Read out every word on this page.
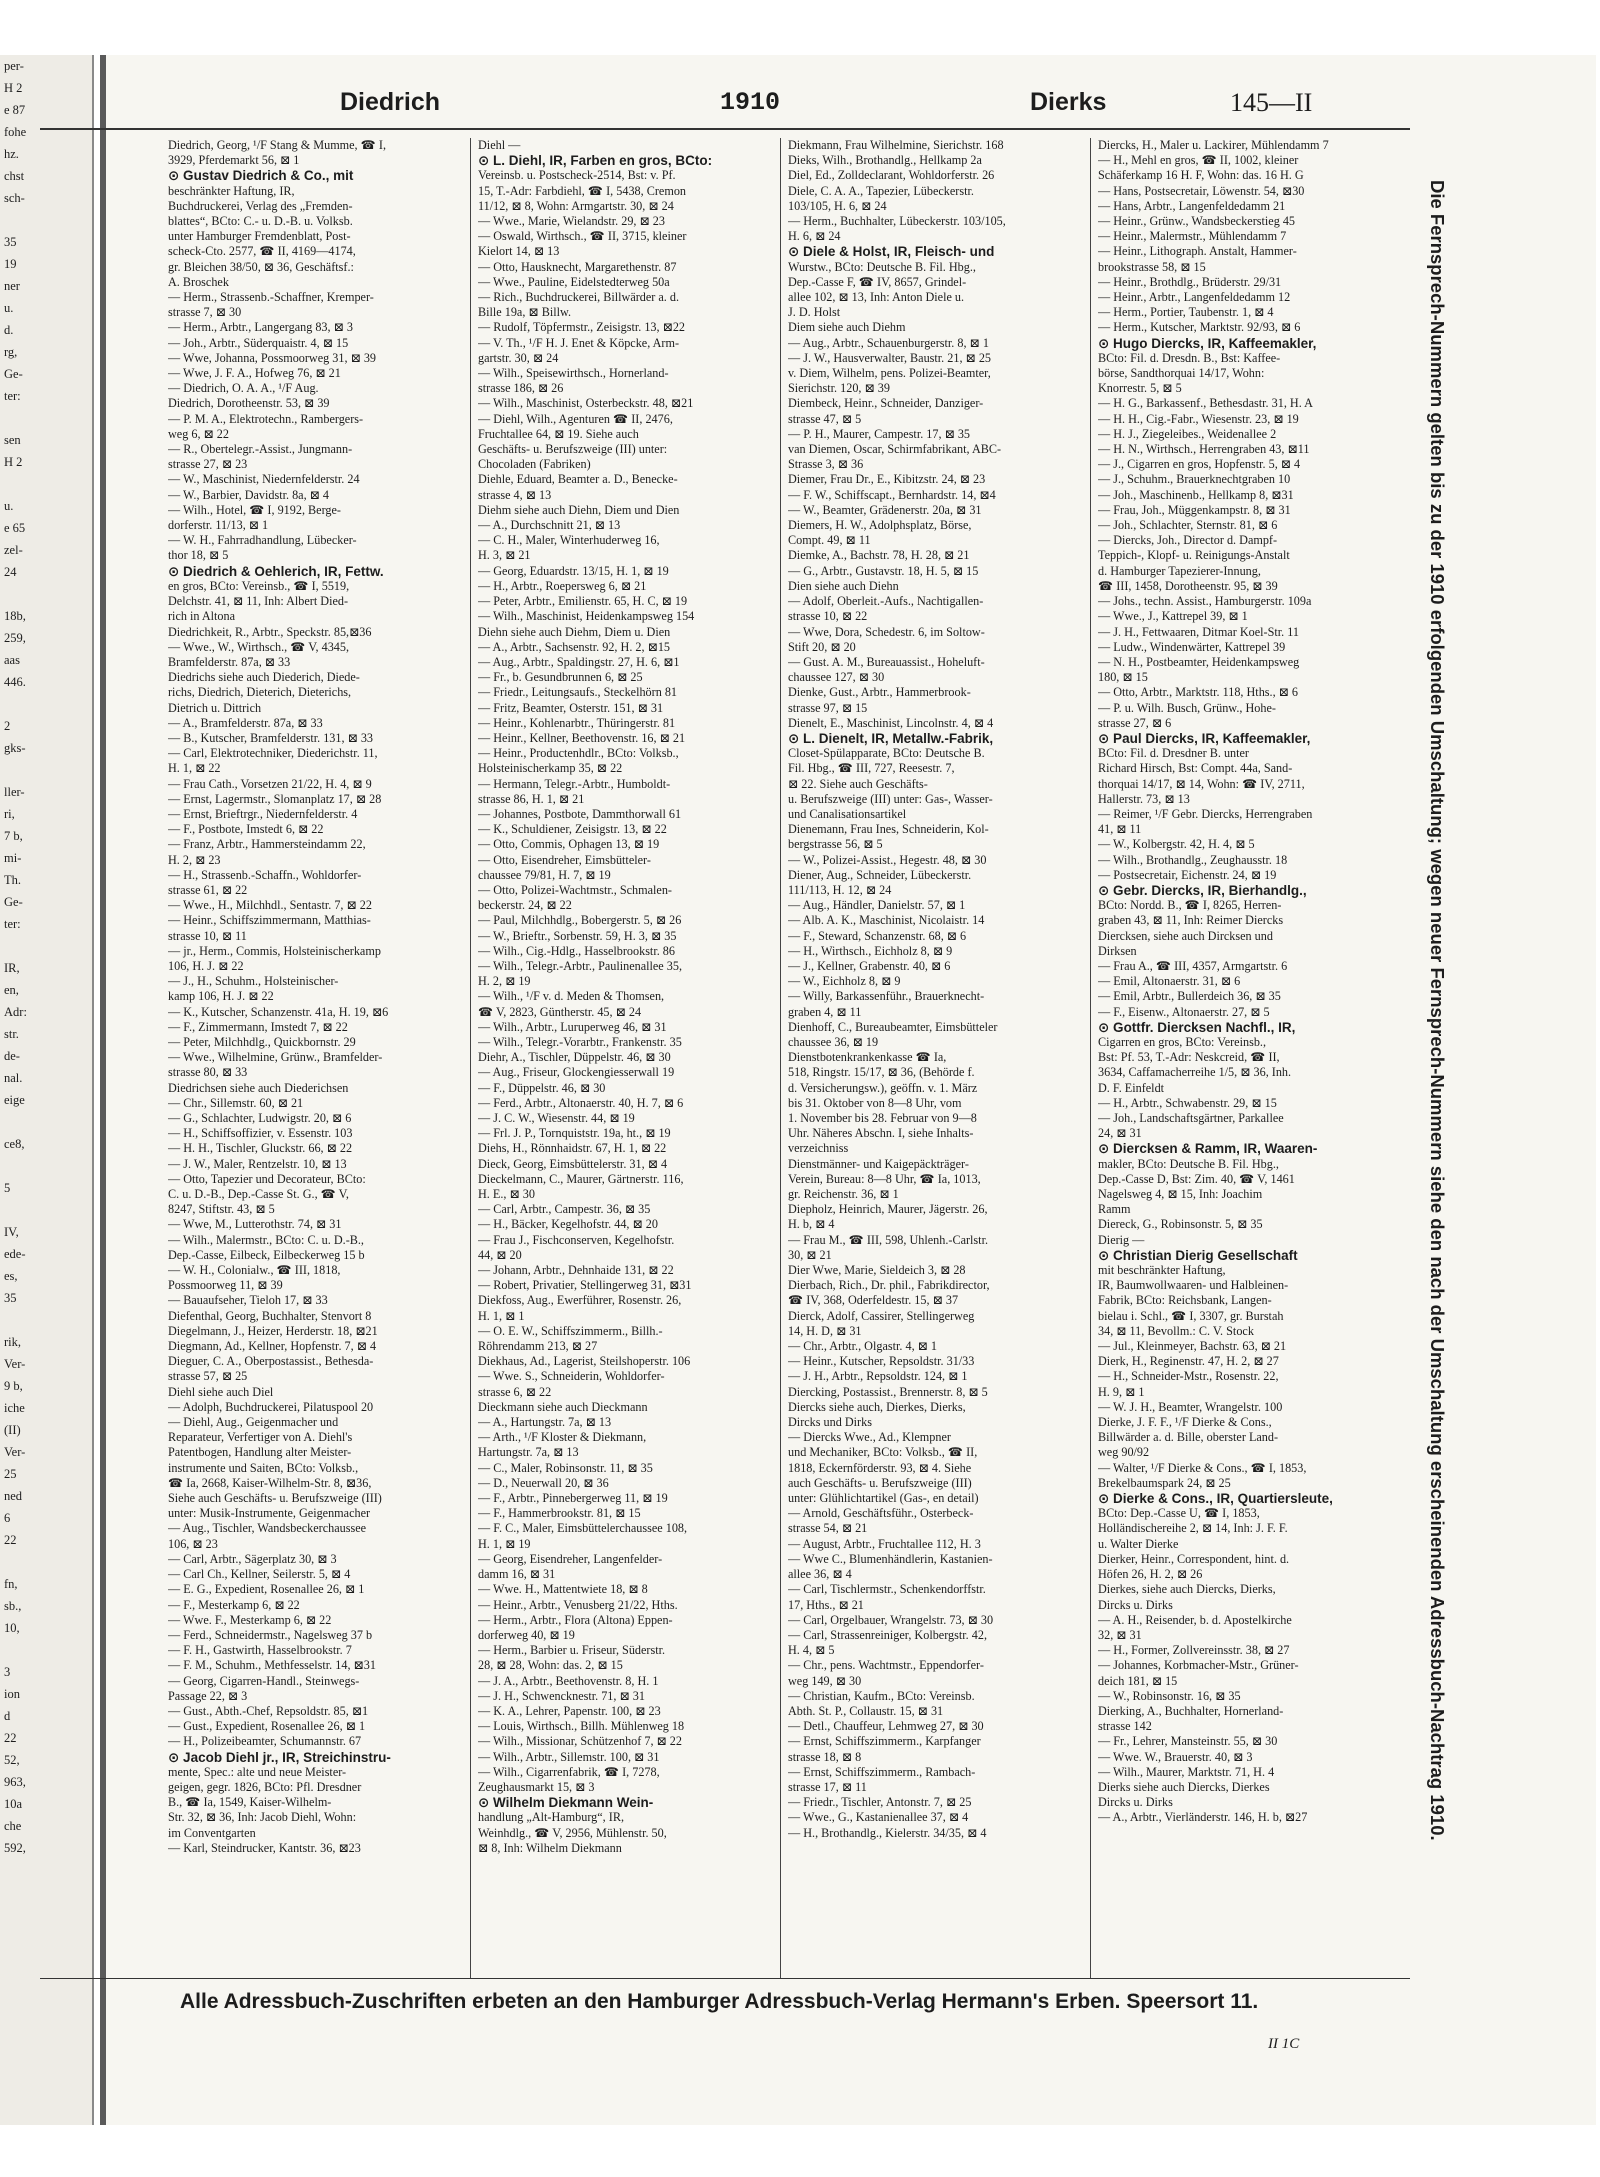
per-
H 2
e 87
fohe
hz.
chst
sch-

35
19
ner
u.
d.
rg,
Ge-
ter:

sen
H 2

u.
e 65
zel-
24

18b,
259,
aas
446.

2
gks-

ller-
ri,
7 b,
mi-
Th.
Ge-
ter:

IR,
en,
Adr:
str.
de-
nal.
eige

ce8,

5

IV,
ede-
es,
35

rik,
Ver-
9 b,
iche
(II)
Ver-
25
ned
6
22

fn,
sb.,
10,

3
ion
d
22
52,
963,
10a
che
592,
Diedrich	1910	Dierks	145—II
Diedrich, Georg, ¹/F Stang & Mumme, ☎ I,
3929, Pferdemarkt 56, ⊠ 1
⊙ Gustav Diedrich & Co., mit
beschränkter Haftung, IR,
Buchdruckerei, Verlag des „Fremden-
blattes“, BCto: C.- u. D.-B. u. Volksb.
unter Hamburger Fremdenblatt, Post-
scheck-Cto. 2577, ☎ II, 4169—4174,
gr. Bleichen 38/50, ⊠ 36, Geschäftsf.:
A. Broschek
— Herm., Strassenb.-Schaffner, Kremper-
strasse 7, ⊠ 30
— Herm., Arbtr., Langergang 83, ⊠ 3
— Joh., Arbtr., Süderquaistr. 4, ⊠ 15
— Wwe, Johanna, Possmoorweg 31, ⊠ 39
— Wwe, J. F. A., Hofweg 76, ⊠ 21
— Diedrich, O. A. A., ¹/F Aug.
Diedrich, Dorotheenstr. 53, ⊠ 39
— P. M. A., Elektrotechn., Rambergers-
weg 6, ⊠ 22
— R., Obertelegr.-Assist., Jungmann-
strasse 27, ⊠ 23
— W., Maschinist, Niedernfelderstr. 24
— W., Barbier, Davidstr. 8a, ⊠ 4
— Wilh., Hotel, ☎ I, 9192, Berge-
dorferstr. 11/13, ⊠ 1
— W. H., Fahrradhandlung, Lübecker-
thor 18, ⊠ 5
⊙ Diedrich & Oehlerich, IR, Fettw.
en gros, BCto: Vereinsb., ☎ I, 5519,
Delchstr. 41, ⊠ 11, Inh: Albert Died-
rich in Altona
Diedrichkeit, R., Arbtr., Speckstr. 85,⊠36
— Wwe., W., Wirthsch., ☎ V, 4345,
Bramfelderstr. 87a, ⊠ 33
Diedrichs siehe auch Diederich, Diede-
richs, Diedrich, Dieterich, Dieterichs,
Dietrich u. Dittrich
— A., Bramfelderstr. 87a, ⊠ 33
— B., Kutscher, Bramfelderstr. 131, ⊠ 33
— Carl, Elektrotechniker, Diederichstr. 11,
H. 1, ⊠ 22
— Frau Cath., Vorsetzen 21/22, H. 4, ⊠ 9
— Ernst, Lagermstr., Slomanplatz 17, ⊠ 28
— Ernst, Brieftrgr., Niedernfelderstr. 4
— F., Postbote, Imstedt 6, ⊠ 22
— Franz, Arbtr., Hammersteindamm 22,
H. 2, ⊠ 23
— H., Strassenb.-Schaffn., Wohldorfer-
strasse 61, ⊠ 22
— Wwe., H., Milchhdl., Sentastr. 7, ⊠ 22
— Heinr., Schiffszimmermann, Matthias-
strasse 10, ⊠ 11
— jr., Herm., Commis, Holsteinischerkamp
106, H. J. ⊠ 22
— J., H., Schuhm., Holsteinischer-
kamp 106, H. J. ⊠ 22
— K., Kutscher, Schanzenstr. 41a, H. 19, ⊠6
— F., Zimmermann, Imstedt 7, ⊠ 22
— Peter, Milchhdlg., Quickbornstr. 29
— Wwe., Wilhelmine, Grünw., Bramfelder-
strasse 80, ⊠ 33
Diedrichsen siehe auch Diederichsen
— Chr., Sillemstr. 60, ⊠ 21
— G., Schlachter, Ludwigstr. 20, ⊠ 6
— H., Schiffsoffizier, v. Essenstr. 103
— H. H., Tischler, Gluckstr. 66, ⊠ 22
— J. W., Maler, Rentzelstr. 10, ⊠ 13
— Otto, Tapezier und Decorateur, BCto:
C. u. D.-B., Dep.-Casse St. G., ☎ V,
8247, Stiftstr. 43, ⊠ 5
— Wwe, M., Lutterothstr. 74, ⊠ 31
— Wilh., Malermstr., BCto: C. u. D.-B.,
Dep.-Casse, Eilbeck, Eilbeckerweg 15 b
— W. H., Colonialw., ☎ III, 1818,
Possmoorweg 11, ⊠ 39
— Bauaufseher, Tieloh 17, ⊠ 33
Diefenthal, Georg, Buchhalter, Stenvort 8
Diegelmann, J., Heizer, Herderstr. 18, ⊠21
Diegmann, Ad., Kellner, Hopfenstr. 7, ⊠ 4
Dieguer, C. A., Oberpostassist., Bethesda-
strasse 57, ⊠ 25
Diehl siehe auch Diel
— Adolph, Buchdruckerei, Pilatuspool 20
— Diehl, Aug., Geigenmacher und
Reparateur, Verfertiger von A. Diehl's
Patentbogen, Handlung alter Meister-
instrumente und Saiten, BCto: Volksb.,
☎ Ia, 2668, Kaiser-Wilhelm-Str. 8, ⊠36,
Siehe auch Geschäfts- u. Berufszweige (III)
unter: Musik-Instrumente, Geigenmacher
— Aug., Tischler, Wandsbeckerchaussee
106, ⊠ 23
— Carl, Arbtr., Sägerplatz 30, ⊠ 3
— Carl Ch., Kellner, Seilerstr. 5, ⊠ 4
— E. G., Expedient, Rosenallee 26, ⊠ 1
— F., Mesterkamp 6, ⊠ 22
— Wwe. F., Mesterkamp 6, ⊠ 22
— Ferd., Schneidermstr., Nagelsweg 37 b
— F. H., Gastwirth, Hasselbrookstr. 7
— F. M., Schuhm., Methfesselstr. 14, ⊠31
— Georg, Cigarren-Handl., Steinwegs-
Passage 22, ⊠ 3
— Gust., Abth.-Chef, Repsoldstr. 85, ⊠1
— Gust., Expedient, Rosenallee 26, ⊠ 1
— H., Polizeibeamter, Schumannstr. 67
⊙ Jacob Diehl jr., IR, Streichinstru-
mente, Spec.: alte und neue Meister-
geigen, gegr. 1826, BCto: Pfl. Dresdner
B., ☎ Ia, 1549, Kaiser-Wilhelm-
Str. 32, ⊠ 36, Inh: Jacob Diehl, Wohn:
im Conventgarten
— Karl, Steindrucker, Kantstr. 36, ⊠23
Diehl —
⊙ L. Diehl, IR, Farben en gros, BCto:
Vereinsb. u. Postscheck-2514, Bst: v. Pf.
15, T.-Adr: Farbdiehl, ☎ I, 5438, Cremon
11/12, ⊠ 8, Wohn: Armgartstr. 30, ⊠ 24
— Wwe., Marie, Wielandstr. 29, ⊠ 23
— Oswald, Wirthsch., ☎ II, 3715, kleiner
Kielort 14, ⊠ 13
— Otto, Hausknecht, Margarethenstr. 87
— Wwe., Pauline, Eidelstedterweg 50a
— Rich., Buchdruckerei, Billwärder a. d.
Bille 19a, ⊠ Billw.
— Rudolf, Töpfermstr., Zeisigstr. 13, ⊠22
— V. Th., ¹/F H. J. Enet & Köpcke, Arm-
gartstr. 30, ⊠ 24
— Wilh., Speisewirthsch., Hornerland-
strasse 186, ⊠ 26
— Wilh., Maschinist, Osterbeckstr. 48, ⊠21
— Diehl, Wilh., Agenturen ☎ II, 2476,
Fruchtallee 64, ⊠ 19. Siehe auch
Geschäfts- u. Berufszweige (III) unter:
Chocoladen (Fabriken)
Diehle, Eduard, Beamter a. D., Benecke-
strasse 4, ⊠ 13
Diehm siehe auch Diehn, Diem und Dien
— A., Durchschnitt 21, ⊠ 13
— C. H., Maler, Winterhuderweg 16,
H. 3, ⊠ 21
— Georg, Eduardstr. 13/15, H. 1, ⊠ 19
— H., Arbtr., Roepersweg 6, ⊠ 21
— Peter, Arbtr., Emilienstr. 65, H. C, ⊠ 19
— Wilh., Maschinist, Heidenkampsweg 154
Diehn siehe auch Diehm, Diem u. Dien
— A., Arbtr., Sachsenstr. 92, H. 2, ⊠15
— Aug., Arbtr., Spaldingstr. 27, H. 6, ⊠1
— Fr., b. Gesundbrunnen 6, ⊠ 25
— Friedr., Leitungsaufs., Steckelhörn 81
— Fritz, Beamter, Osterstr. 151, ⊠ 31
— Heinr., Kohlenarbtr., Thüringerstr. 81
— Heinr., Kellner, Beethovenstr. 16, ⊠ 21
— Heinr., Productenhdlr., BCto: Volksb.,
Holsteinischerkamp 35, ⊠ 22
— Hermann, Telegr.-Arbtr., Humboldt-
strasse 86, H. 1, ⊠ 21
— Johannes, Postbote, Dammthorwall 61
— K., Schuldiener, Zeisigstr. 13, ⊠ 22
— Otto, Commis, Ophagen 13, ⊠ 19
— Otto, Eisendreher, Eimsbütteler-
chaussee 79/81, H. 7, ⊠ 19
— Otto, Polizei-Wachtmstr., Schmalen-
beckerstr. 24, ⊠ 22
— Paul, Milchhdlg., Bobergerstr. 5, ⊠ 26
— W., Brieftr., Sorbenstr. 59, H. 3, ⊠ 35
— Wilh., Cig.-Hdlg., Hasselbrookstr. 86
— Wilh., Telegr.-Arbtr., Paulinenallee 35,
H. 2, ⊠ 19
— Wilh., ¹/F v. d. Meden & Thomsen,
☎ V, 2823, Güntherstr. 45, ⊠ 24
— Wilh., Arbtr., Luruperweg 46, ⊠ 31
— Wilh., Telegr.-Vorarbtr., Frankenstr. 35
Diehr, A., Tischler, Düppelstr. 46, ⊠ 30
— Aug., Friseur, Glockengiesserwall 19
— F., Düppelstr. 46, ⊠ 30
— Ferd., Arbtr., Altonaerstr. 40, H. 7, ⊠ 6
— J. C. W., Wiesenstr. 44, ⊠ 19
— Frl. J. P., Tornquiststr. 19a, ht., ⊠ 19
Diehs, H., Rönnhaidstr. 67, H. 1, ⊠ 22
Dieck, Georg, Eimsbüttelerstr. 31, ⊠ 4
Dieckelmann, C., Maurer, Gärtnerstr. 116,
H. E., ⊠ 30
— Carl, Arbtr., Campestr. 36, ⊠ 35
— H., Bäcker, Kegelhofstr. 44, ⊠ 20
— Frau J., Fischconserven, Kegelhofstr.
44, ⊠ 20
— Johann, Arbtr., Dehnhaide 131, ⊠ 22
— Robert, Privatier, Stellingerweg 31, ⊠31
Diekfoss, Aug., Ewerführer, Rosenstr. 26,
H. 1, ⊠ 1
— O. E. W., Schiffszimmerm., Billh.-
Röhrendamm 213, ⊠ 27
Diekhaus, Ad., Lagerist, Steilshoperstr. 106
— Wwe. S., Schneiderin, Wohldorfer-
strasse 6, ⊠ 22
Dieckmann siehe auch Dieckmann
— A., Hartungstr. 7a, ⊠ 13
— Arth., ¹/F Kloster & Diekmann,
Hartungstr. 7a, ⊠ 13
— C., Maler, Robinsonstr. 11, ⊠ 35
— D., Neuerwall 20, ⊠ 36
— F., Arbtr., Pinnebergerweg 11, ⊠ 19
— F., Hammerbrookstr. 81, ⊠ 15
— F. C., Maler, Eimsbüttelerchaussee 108,
H. 1, ⊠ 19
— Georg, Eisendreher, Langenfelder-
damm 16, ⊠ 31
— Wwe. H., Mattentwiete 18, ⊠ 8
— Heinr., Arbtr., Venusberg 21/22, Hths.
— Herm., Arbtr., Flora (Altona) Eppen-
dorferweg 40, ⊠ 19
— Herm., Barbier u. Friseur, Süderstr.
28, ⊠ 28, Wohn: das. 2, ⊠ 15
— J. A., Arbtr., Beethovenstr. 8, H. 1
— J. H., Schwencknestr. 71, ⊠ 31
— K. A., Lehrer, Papenstr. 100, ⊠ 23
— Louis, Wirthsch., Billh. Mühlenweg 18
— Wilh., Missionar, Schützenhof 7, ⊠ 22
— Wilh., Arbtr., Sillemstr. 100, ⊠ 31
— Wilh., Cigarrenfabrik, ☎ I, 7278,
Zeughausmarkt 15, ⊠ 3
⊙ Wilhelm Diekmann Wein-
handlung „Alt-Hamburg“, IR,
Weinhdlg., ☎ V, 2956, Mühlenstr. 50,
⊠ 8, Inh: Wilhelm Diekmann
Diekmann, Frau Wilhelmine, Sierichstr. 168
Dieks, Wilh., Brothandlg., Hellkamp 2a
Diel, Ed., Zolldeclarant, Wohldorferstr. 26
Diele, C. A. A., Tapezier, Lübeckerstr.
103/105, H. 6, ⊠ 24
— Herm., Buchhalter, Lübeckerstr. 103/105,
H. 6, ⊠ 24
⊙ Diele & Holst, IR, Fleisch- und
Wurstw., BCto: Deutsche B. Fil. Hbg.,
Dep.-Casse F, ☎ IV, 8657, Grindel-
allee 102, ⊠ 13, Inh: Anton Diele u.
J. D. Holst
Diem siehe auch Diehm
— Aug., Arbtr., Schauenburgerstr. 8, ⊠ 1
— J. W., Hausverwalter, Baustr. 21, ⊠ 25
v. Diem, Wilhelm, pens. Polizei-Beamter,
Sierichstr. 120, ⊠ 39
Diembeck, Heinr., Schneider, Danziger-
strasse 47, ⊠ 5
— P. H., Maurer, Campestr. 17, ⊠ 35
van Diemen, Oscar, Schirmfabrikant, ABC-
Strasse 3, ⊠ 36
Diemer, Frau Dr., E., Kibitzstr. 24, ⊠ 23
— F. W., Schiffscapt., Bernhardstr. 14, ⊠4
— W., Beamter, Grädenerstr. 20a, ⊠ 31
Diemers, H. W., Adolphsplatz, Börse,
Compt. 49, ⊠ 11
Diemke, A., Bachstr. 78, H. 28, ⊠ 21
— G., Arbtr., Gustavstr. 18, H. 5, ⊠ 15
Dien siehe auch Diehn
— Adolf, Oberleit.-Aufs., Nachtigallen-
strasse 10, ⊠ 22
— Wwe, Dora, Schedestr. 6, im Soltow-
Stift 20, ⊠ 20
— Gust. A. M., Bureauassist., Hoheluft-
chaussee 127, ⊠ 30
Dienke, Gust., Arbtr., Hammerbrook-
strasse 97, ⊠ 15
Dienelt, E., Maschinist, Lincolnstr. 4, ⊠ 4
⊙ L. Dienelt, IR, Metallw.-Fabrik,
Closet-Spülapparate, BCto: Deutsche B.
Fil. Hbg., ☎ III, 727, Reesestr. 7,
⊠ 22. Siehe auch Geschäfts-
u. Berufszweige (III) unter: Gas-, Wasser-
und Canalisationsartikel
Dienemann, Frau Ines, Schneiderin, Kol-
bergstrasse 56, ⊠ 5
— W., Polizei-Assist., Hegestr. 48, ⊠ 30
Diener, Aug., Schneider, Lübeckerstr.
111/113, H. 12, ⊠ 24
— Aug., Händler, Danielstr. 57, ⊠ 1
— Alb. A. K., Maschinist, Nicolaistr. 14
— F., Steward, Schanzenstr. 68, ⊠ 6
— H., Wirthsch., Eichholz 8, ⊠ 9
— J., Kellner, Grabenstr. 40, ⊠ 6
— W., Eichholz 8, ⊠ 9
— Willy, Barkassenführ., Brauerknecht-
graben 4, ⊠ 11
Dienhoff, C., Bureaubeamter, Eimsbütteler
chaussee 36, ⊠ 19
Dienstbotenkrankenkasse ☎ Ia,
518, Ringstr. 15/17, ⊠ 36, (Behörde f.
d. Versicherungsw.), geöffn. v. 1. März
bis 31. Oktober von 8—8 Uhr, vom
1. November bis 28. Februar von 9—8
Uhr. Näheres Abschn. I, siehe Inhalts-
verzeichniss
Dienstmänner- und Kaigepäckträger-
Verein, Bureau: 8—8 Uhr, ☎ Ia, 1013,
gr. Reichenstr. 36, ⊠ 1
Diepholz, Heinrich, Maurer, Jägerstr. 26,
H. b, ⊠ 4
— Frau M., ☎ III, 598, Uhlenh.-Carlstr.
30, ⊠ 21
Dier Wwe, Marie, Sieldeich 3, ⊠ 28
Dierbach, Rich., Dr. phil., Fabrikdirector,
☎ IV, 368, Oderfeldestr. 15, ⊠ 37
Dierck, Adolf, Cassirer, Stellingerweg
14, H. D, ⊠ 31
— Chr., Arbtr., Olgastr. 4, ⊠ 1
— Heinr., Kutscher, Repsoldstr. 31/33
— J. H., Arbtr., Repsoldstr. 124, ⊠ 1
Diercking, Postassist., Brennerstr. 8, ⊠ 5
Diercks siehe auch, Dierkes, Dierks,
Dircks und Dirks
— Diercks Wwe., Ad., Klempner
und Mechaniker, BCto: Volksb., ☎ II,
1818, Eckernförderstr. 93, ⊠ 4. Siehe
auch Geschäfts- u. Berufszweige (III)
unter: Glühlichtartikel (Gas-, en detail)
— Arnold, Geschäftsführ., Osterbeck-
strasse 54, ⊠ 21
— August, Arbtr., Fruchtallee 112, H. 3
— Wwe C., Blumenhändlerin, Kastanien-
allee 36, ⊠ 4
— Carl, Tischlermstr., Schenkendorffstr.
17, Hths., ⊠ 21
— Carl, Orgelbauer, Wrangelstr. 73, ⊠ 30
— Carl, Strassenreiniger, Kolbergstr. 42,
H. 4, ⊠ 5
— Chr., pens. Wachtmstr., Eppendorfer-
weg 149, ⊠ 30
— Christian, Kaufm., BCto: Vereinsb.
Abth. St. P., Collaustr. 15, ⊠ 31
— Detl., Chauffeur, Lehmweg 27, ⊠ 30
— Ernst, Schiffszimmerm., Karpfanger
strasse 18, ⊠ 8
— Ernst, Schiffszimmerm., Rambach-
strasse 17, ⊠ 11
— Friedr., Tischler, Antonstr. 7, ⊠ 25
— Wwe., G., Kastanienallee 37, ⊠ 4
— H., Brothandlg., Kielerstr. 34/35, ⊠ 4
Diercks, H., Maler u. Lackirer, Mühlendamm 7
— H., Mehl en gros, ☎ II, 1002, kleiner
Schäferkamp 16 H. F, Wohn: das. 16 H. G
— Hans, Postsecretair, Löwenstr. 54, ⊠30
— Hans, Arbtr., Langenfeldedamm 21
— Heinr., Grünw., Wandsbeckerstieg 45
— Heinr., Malermstr., Mühlendamm 7
— Heinr., Lithograph. Anstalt, Hammer-
brookstrasse 58, ⊠ 15
— Heinr., Brothdlg., Brüderstr. 29/31
— Heinr., Arbtr., Langenfeldedamm 12
— Herm., Portier, Taubenstr. 1, ⊠ 4
— Herm., Kutscher, Marktstr. 92/93, ⊠ 6
⊙ Hugo Diercks, IR, Kaffeemakler,
BCto: Fil. d. Dresdn. B., Bst: Kaffee-
börse, Sandthorquai 14/17, Wohn:
Knorrestr. 5, ⊠ 5
— H. G., Barkassenf., Bethesdastr. 31, H. A
— H. H., Cig.-Fabr., Wiesenstr. 23, ⊠ 19
— H. J., Ziegeleibes., Weidenallee 2
— H. N., Wirthsch., Herrengraben 43, ⊠11
— J., Cigarren en gros, Hopfenstr. 5, ⊠ 4
— J., Schuhm., Brauerknechtgraben 10
— Joh., Maschinenb., Hellkamp 8, ⊠31
— Frau, Joh., Müggenkampstr. 8, ⊠ 31
— Joh., Schlachter, Sternstr. 81, ⊠ 6
— Diercks, Joh., Director d. Dampf-
Teppich-, Klopf- u. Reinigungs-Anstalt
d. Hamburger Tapezierer-Innung,
☎ III, 1458, Dorotheenstr. 95, ⊠ 39
— Johs., techn. Assist., Hamburgerstr. 109a
— Wwe., J., Kattrepel 39, ⊠ 1
— J. H., Fettwaaren, Ditmar Koel-Str. 11
— Ludw., Windenwärter, Kattrepel 39
— N. H., Postbeamter, Heidenkampsweg
180, ⊠ 15
— Otto, Arbtr., Marktstr. 118, Hths., ⊠ 6
— P. u. Wilh. Busch, Grünw., Hohe-
strasse 27, ⊠ 6
⊙ Paul Diercks, IR, Kaffeemakler,
BCto: Fil. d. Dresdner B. unter
Richard Hirsch, Bst: Compt. 44a, Sand-
thorquai 14/17, ⊠ 14, Wohn: ☎ IV, 2711,
Hallerstr. 73, ⊠ 13
— Reimer, ¹/F Gebr. Diercks, Herrengraben
41, ⊠ 11
— W., Kolbergstr. 42, H. 4, ⊠ 5
— Wilh., Brothandlg., Zeughausstr. 18
— Postsecretair, Eichenstr. 24, ⊠ 19
⊙ Gebr. Diercks, IR, Bierhandlg.,
BCto: Nordd. B., ☎ I, 8265, Herren-
graben 43, ⊠ 11, Inh: Reimer Diercks
Diercksen, siehe auch Dircksen und
Dirksen
— Frau A., ☎ III, 4357, Armgartstr. 6
— Emil, Altonaerstr. 31, ⊠ 6
— Emil, Arbtr., Bullerdeich 36, ⊠ 35
— F., Eisenw., Altonaerstr. 27, ⊠ 5
⊙ Gottfr. Diercksen Nachfl., IR,
Cigarren en gros, BCto: Vereinsb.,
Bst: Pf. 53, T.-Adr: Neskcreid, ☎ II,
3634, Caffamacherreihe 1/5, ⊠ 36, Inh.
D. F. Einfeldt
— H., Arbtr., Schwabenstr. 29, ⊠ 15
— Joh., Landschaftsgärtner, Parkallee
24, ⊠ 31
⊙ Diercksen & Ramm, IR, Waaren-
makler, BCto: Deutsche B. Fil. Hbg.,
Dep.-Casse D, Bst: Zim. 40, ☎ V, 1461
Nagelsweg 4, ⊠ 15, Inh: Joachim
Ramm
Diereck, G., Robinsonstr. 5, ⊠ 35
Dierig —
⊙ Christian Dierig Gesellschaft
mit beschränkter Haftung,
IR, Baumwollwaaren- und Halbleinen-
Fabrik, BCto: Reichsbank, Langen-
bielau i. Schl., ☎ I, 3307, gr. Burstah
34, ⊠ 11, Bevollm.: C. V. Stock
— Jul., Kleinmeyer, Bachstr. 63, ⊠ 21
Dierk, H., Reginenstr. 47, H. 2, ⊠ 27
— H., Schneider-Mstr., Rosenstr. 22,
H. 9, ⊠ 1
— W. J. H., Beamter, Wrangelstr. 100
Dierke, J. F. F., ¹/F Dierke & Cons.,
Billwärder a. d. Bille, oberster Land-
weg 90/92
— Walter, ¹/F Dierke & Cons., ☎ I, 1853,
Brekelbaumspark 24, ⊠ 25
⊙ Dierke & Cons., IR, Quartiersleute,
BCto: Dep.-Casse U, ☎ I, 1853,
Holländischereihe 2, ⊠ 14, Inh: J. F. F.
u. Walter Dierke
Dierker, Heinr., Correspondent, hint. d.
Höfen 26, H. 2, ⊠ 26
Dierkes, siehe auch Diercks, Dierks,
Dircks u. Dirks
— A. H., Reisender, b. d. Apostelkirche
32, ⊠ 31
— H., Former, Zollvereinsstr. 38, ⊠ 27
— Johannes, Korbmacher-Mstr., Grüner-
deich 181, ⊠ 15
— W., Robinsonstr. 16, ⊠ 35
Dierking, A., Buchhalter, Hornerland-
strasse 142
— Fr., Lehrer, Mansteinstr. 55, ⊠ 30
— Wwe. W., Brauerstr. 40, ⊠ 3
— Wilh., Maurer, Marktstr. 71, H. 4
Dierks siehe auch Diercks, Dierkes
Dircks u. Dirks
— A., Arbtr., Vierländerstr. 146, H. b, ⊠27	Die Fernsprech-Nummern gelten bis zu der 1910 erfolgenden Umschaltung; wegen neuer Fernsprech-Nummern siehe den nach der Umschaltung erscheinenden Adressbuch-Nachtrag 1910.
Alle Adressbuch-Zuschriften erbeten an den Hamburger Adressbuch-Verlag Hermann's Erben. Speersort 11.
II 1C
